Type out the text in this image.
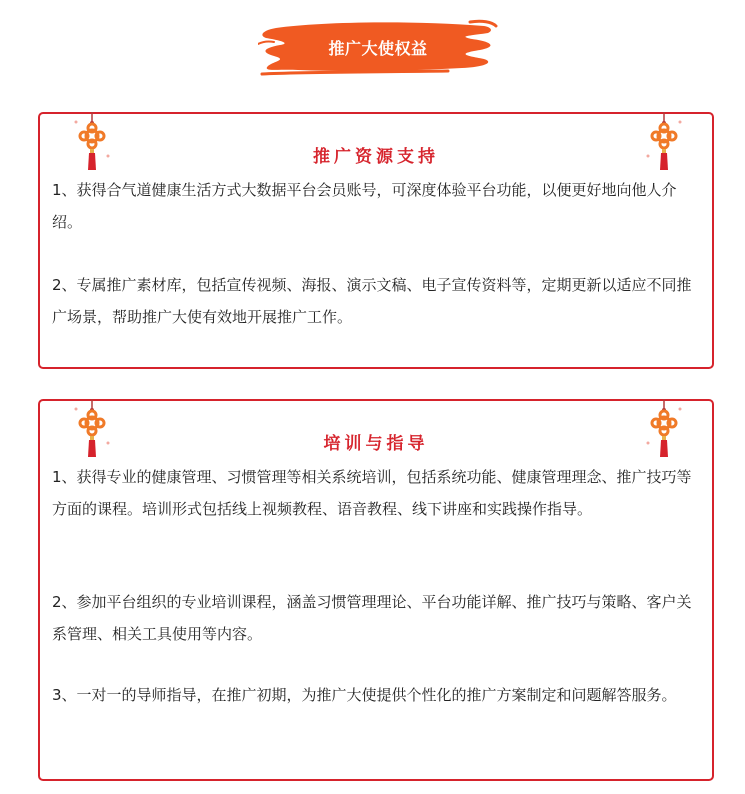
推广大使权益
推广资源支持

1、获得合气道健康生活方式大数据平台会员账号，可深度体验平台功能，以便更好地向他人介绍。

2、专属推广素材库，包括宣传视频、海报、演示文稿、电子宣传资料等，定期更新以适应不同推广场景，帮助推广大使有效地开展推广工作。

培训与指导

1、获得专业的健康管理、习惯管理等相关系统培训，包括系统功能、健康管理理念、推广技巧等方面的课程。培训形式包括线上视频教程、语音教程、线下讲座和实践操作指导。

2、参加平台组织的专业培训课程，涵盖习惯管理理论、平台功能详解、推广技巧与策略、客户关系管理、相关工具使用等内容。

3、一对一的导师指导，在推广初期，为推广大使提供个性化的推广方案制定和问题解答服务。
